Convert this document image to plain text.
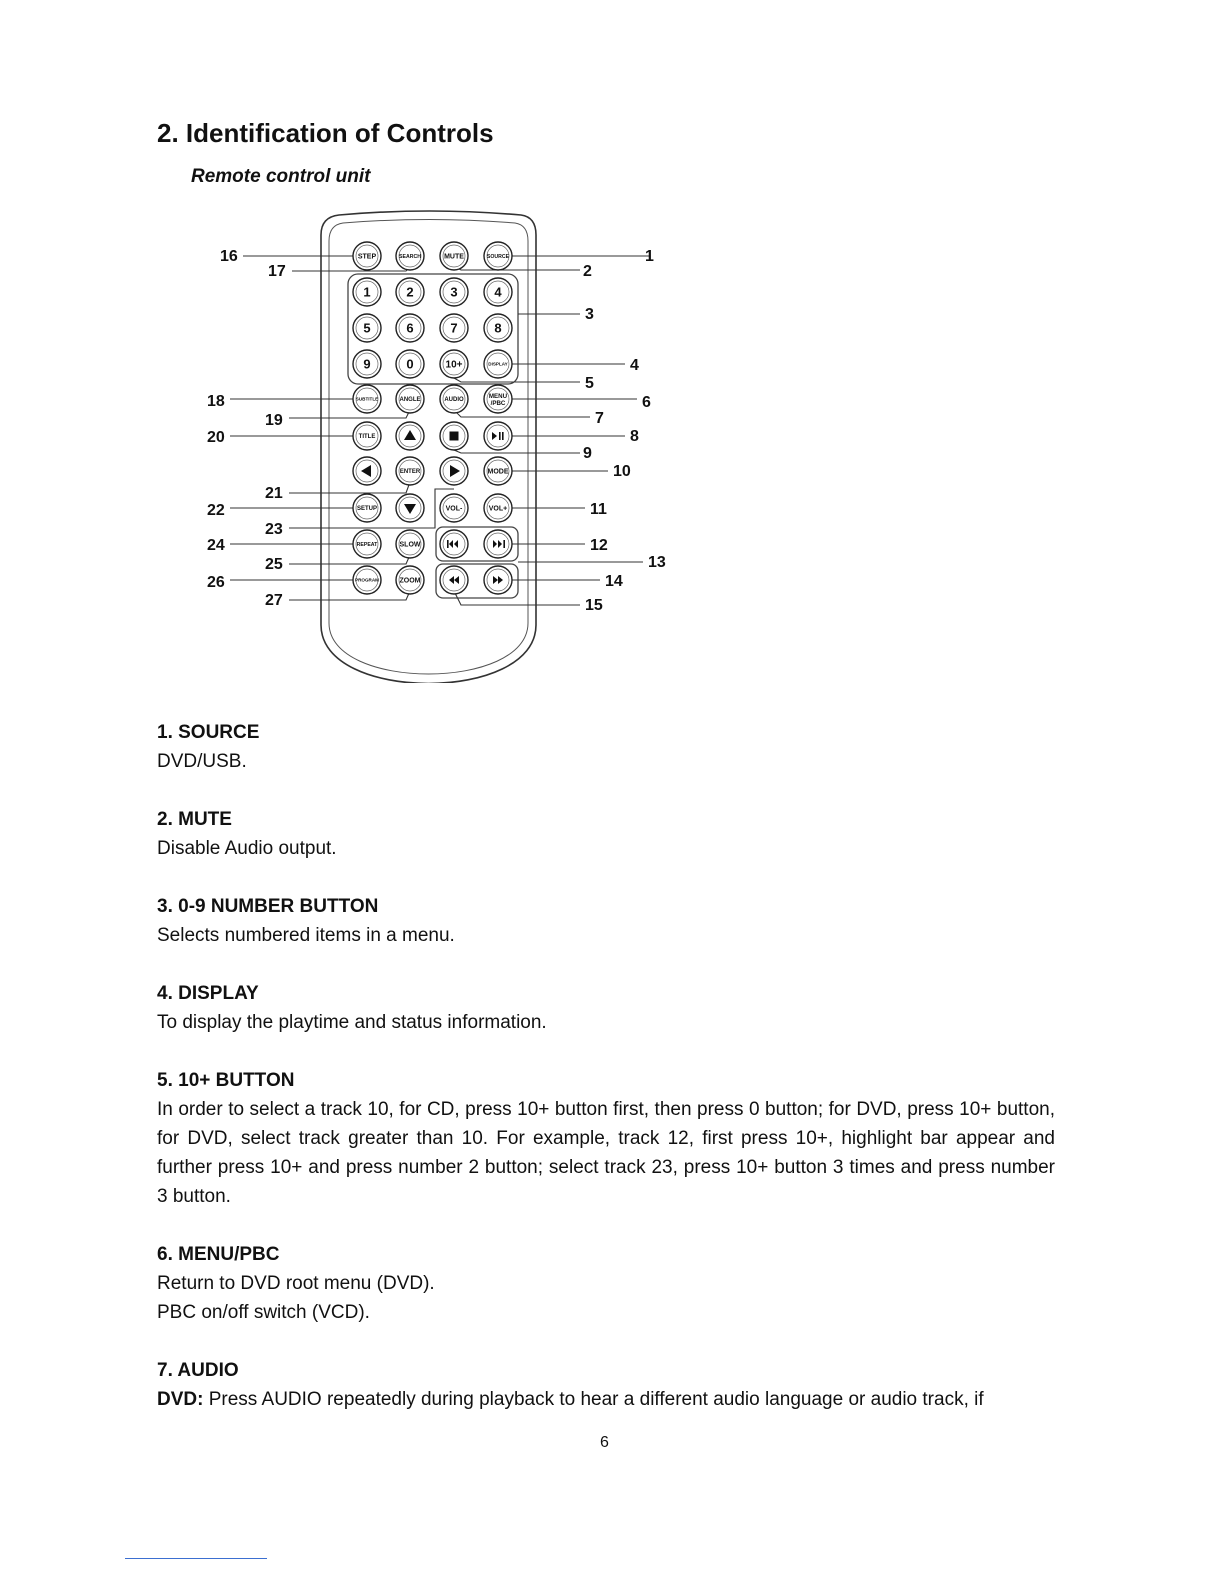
2. Identification of Controls
Remote control unit
STEP	SEARCH	MUTE	SOURCE
1	2	3	4
5	6	7	8
9	0	10+	DISPLAY
SUBTITLE	ANGLE	AUDIO
MENU /PBC
TITLE
ENTER	MODE
SETUP	VOL-	VOL+
REPEAT	SLOW
PROGRAM	ZOOM
1
2
3
4
5
6
7
8
9
10
11
12
13
14
15
16
17
18
19
20
21
22
23
24
25
26
27

1. SOURCE

DVD/USB.

2. MUTE

Disable Audio output.

3. 0-9 NUMBER BUTTON

Selects numbered items in a menu.

4. DISPLAY

To display the playtime and status information.

5. 10+ BUTTON

In order to select a track 10, for CD, press 10+ button first, then press 0 button; for DVD, press 10+ button, for DVD, select track greater than 10. For example, track 12, first press 10+, highlight bar appear and further press 10+ and press number 2 button; select track 23, press 10+ button 3 times and press number 3 button.

6. MENU/PBC

Return to DVD root menu (DVD).

PBC on/off switch (VCD).

7. AUDIO

DVD: Press AUDIO repeatedly during playback to hear a different audio language or audio track, if

6
